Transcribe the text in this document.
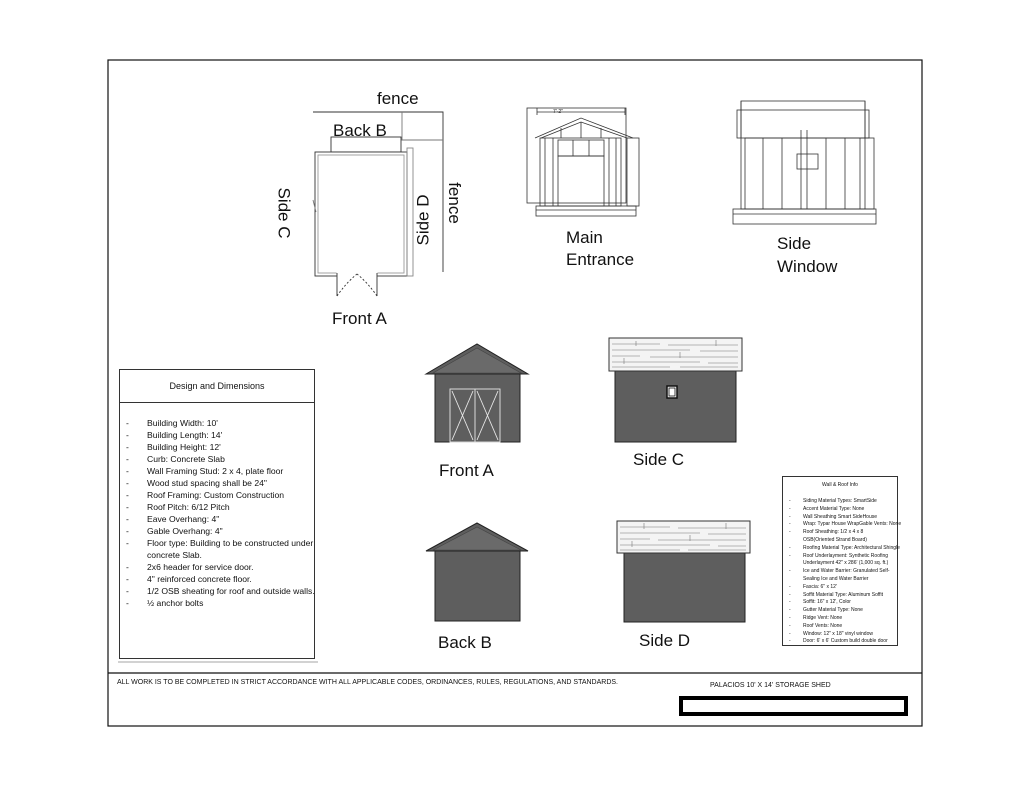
fence
Back B
Side C	Side D fence
Front A
7'-2"
Main
Entrance
Side
Window
Front A
Side C
Back B	Side D
Design and Dimensions
- Building Width: 10'
- Building Length: 14'
- Building Height: 12'
- Curb: Concrete Slab
- Wall Framing Stud: 2 x 4, plate floor
- Wood stud spacing shall be 24"
- Roof Framing: Custom Construction
- Roof Pitch: 6/12 Pitch
- Eave Overhang: 4"
- Gable Overhang: 4"
- Floor type: Building to be constructed under concrete Slab.
- 2x6 header for service door.
- 4" reinforced concrete floor.
- 1/2 OSB sheating for roof and outside walls.
- ½ anchor bolts
Wall & Roof Info
- Siding Material Types: SmartSide
- Accent Material Type: None
- Wall Sheathing Smart SideHouse
- Wrap: Typar House WrapGable Vents: None
- Roof Sheathing: 1/2 x 4 x 8 OSB(Oriented Strand Board)
- Roofing Material Type: Architectural Shingle
- Roof Underlayment: Synthetic Roofing Underlayment 42" x 286' (1,000 sq. ft.)
- Ice and Water Barrier: Granulated Self-Sealing Ice and Water Barrier
- Fascia: 6" x 12'
- Soffit Material Type: Aluminum Soffit
- Soffit: 16" x 12', Color
- Gutter Material Type: None
- Ridge Vent: None
- Roof Vents: None
- Window: 12" x 18" vinyl window
- Door: 6' x 6' Custom build double door
ALL WORK IS TO BE COMPLETED IN STRICT ACCORDANCE WITH ALL APPLICABLE CODES, ORDINANCES, RULES, REGULATIONS, AND STANDARDS.	PALACIOS 10' X 14' STORAGE SHED
